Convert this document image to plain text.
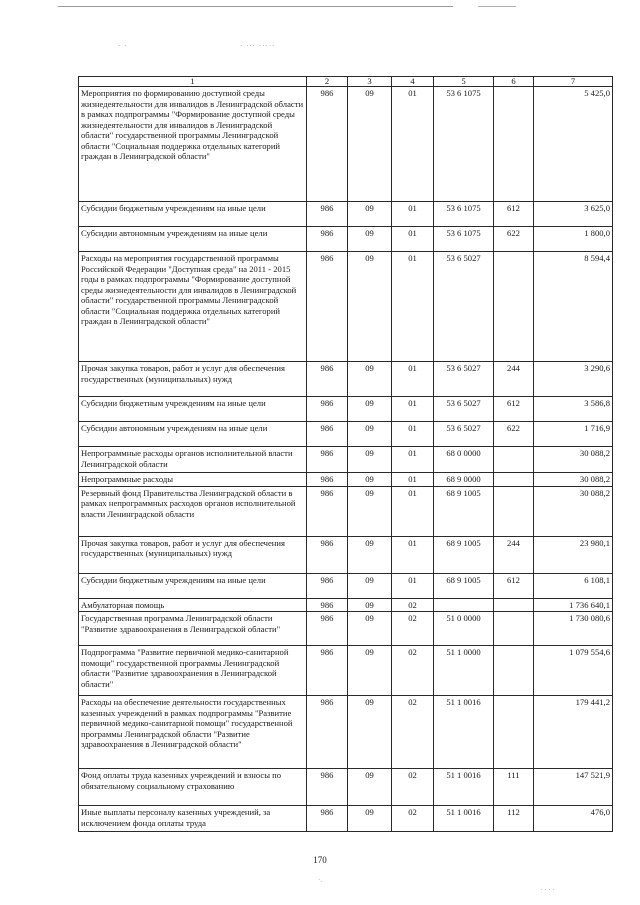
· ·	· ··· ·····
1	2	3	4	5	6	7
Мероприятия по формированию доступной среды жизнедеятельности для инвалидов в Ленинградской области в рамках подпрограммы "Формирование доступной среды жизнедеятельности для инвалидов в Ленинградской области" государственной программы Ленинградской области "Социальная поддержка отдельных категорий граждан в Ленинградской области"	986	09	01	53 6 1075		5 425,0
Субсидии бюджетным учреждениям на иные цели	986	09	01	53 6 1075	612	3 625,0
Субсидии автономным учреждениям на иные цели	986	09	01	53 6 1075	622	1 800,0
Расходы на мероприятия государственной программы Российской Федерации "Доступная среда" на 2011 - 2015 годы в рамках подпрограммы "Формирование доступной среды жизнедеятельности для инвалидов в Ленинградской области" государственной программы Ленинградской области "Социальная поддержка отдельных категорий граждан в Ленинградской области"	986	09	01	53 6 5027		8 594,4
Прочая закупка товаров, работ и услуг для обеспечения государственных (муниципальных) нужд	986	09	01	53 6 5027	244	3 290,6
Субсидии бюджетным учреждениям на иные цели	986	09	01	53 6 5027	612	3 586,8
Субсидии автономным учреждениям на иные цели	986	09	01	53 6 5027	622	1 716,9
Непрограммные расходы органов исполнительной власти Ленинградской области	986	09	01	68 0 0000		30 088,2
Непрограммные расходы	986	09	01	68 9 0000		30 088,2
Резервный фонд Правительства Ленинградской области в рамках непрограммных расходов органов исполнительной власти Ленинградской области	986	09	01	68 9 1005		30 088,2
Прочая закупка товаров, работ и услуг для обеспечения государственных (муниципальных) нужд	986	09	01	68 9 1005	244	23 980,1
Субсидии бюджетным учреждениям на иные цели	986	09	01	68 9 1005	612	6 108,1
Амбулаторная помощь	986	09	02			1 736 640,1
Государственная программа Ленинградской области "Развитие здравоохранения в Ленинградской области"	986	09	02	51 0 0000		1 730 080,6
Подпрограмма "Развитие первичной медико-санитарной помощи" государственной программы Ленинградской области "Развитие здравоохранения в Ленинградской области"	986	09	02	51 1 0000		1 079 554,6
Расходы на обеспечение деятельности государственных казенных учреждений в рамках подпрограммы "Развитие первичной медико-санитарной помощи" государственной программы Ленинградской области "Развитие здравоохранения в Ленинградской области"	986	09	02	51 1 0016		179 441,2
Фонд оплаты труда казенных учреждений и взносы по обязательному социальному страхованию	986	09	02	51 1 0016	111	147 521,9
Иные выплаты персоналу казенных учреждений, за исключением фонда оплаты труда	986	09	02	51 1 0016	112	476,0
170
·.
· · · ·
